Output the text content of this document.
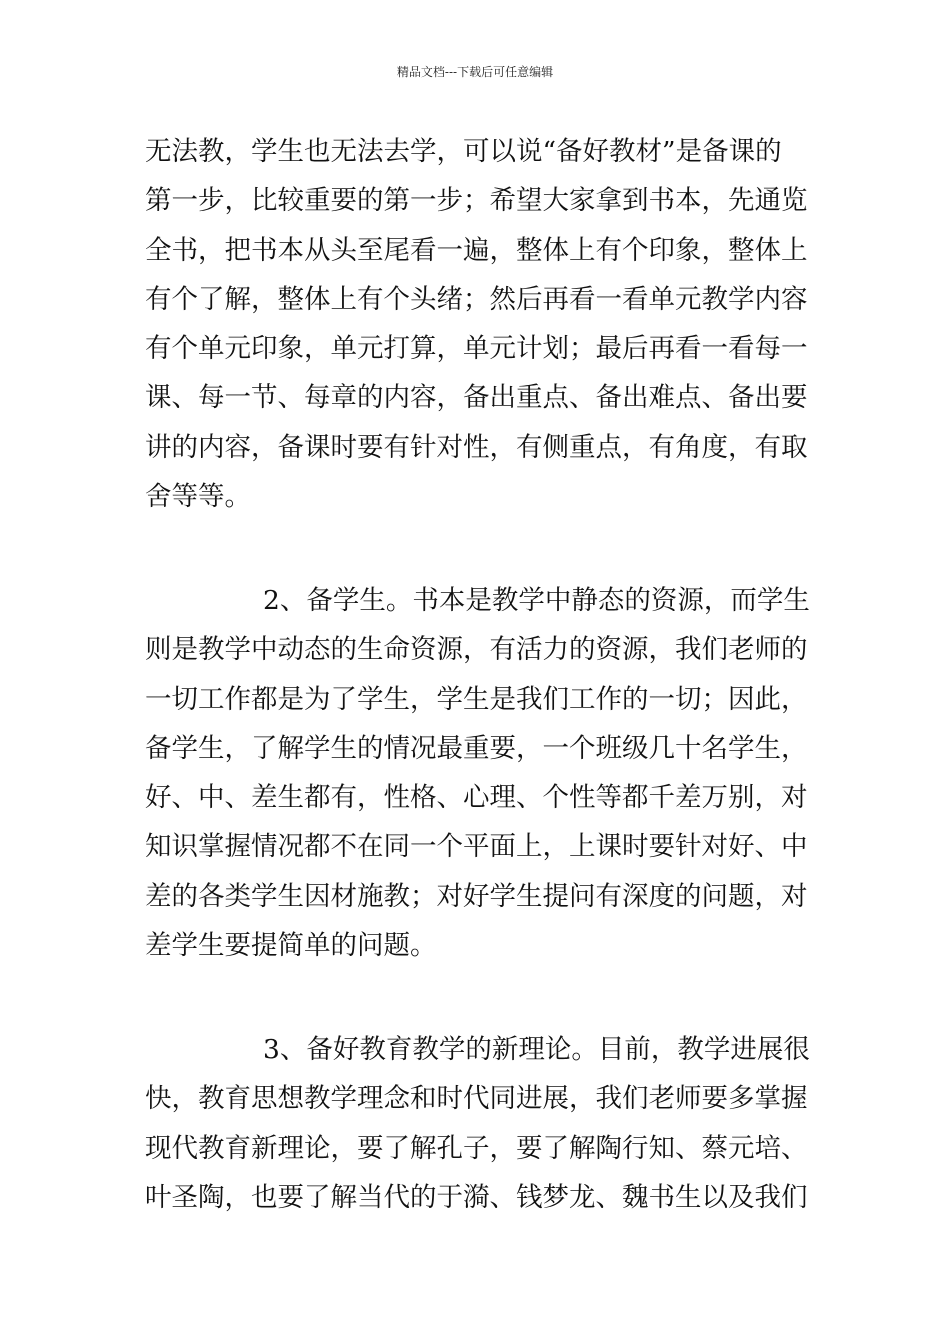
精品文档---下载后可任意编辑
无法教，学生也无法去学，可以说“备好教材”是备课的
第一步，比较重要的第一步；希望大家拿到书本，先通览
全书，把书本从头至尾看一遍，整体上有个印象，整体上
有个了解，整体上有个头绪；然后再看一看单元教学内容
有个单元印象，单元打算，单元计划；最后再看一看每一
课、每一节、每章的内容，备出重点、备出难点、备出要
讲的内容，备课时要有针对性，有侧重点，有角度，有取
舍等等。
2、备学生。书本是教学中静态的资源，而学生
则是教学中动态的生命资源，有活力的资源，我们老师的
一切工作都是为了学生，学生是我们工作的一切；因此，
备学生，了解学生的情况最重要，一个班级几十名学生，
好、中、差生都有，性格、心理、个性等都千差万别，对
知识掌握情况都不在同一个平面上，上课时要针对好、中
差的各类学生因材施教；对好学生提问有深度的问题，对
差学生要提简单的问题。
3、备好教育教学的新理论。目前，教学进展很
快，教育思想教学理念和时代同进展，我们老师要多掌握
现代教育新理论，要了解孔子，要了解陶行知、蔡元培、
叶圣陶，也要了解当代的于漪、钱梦龙、魏书生以及我们
